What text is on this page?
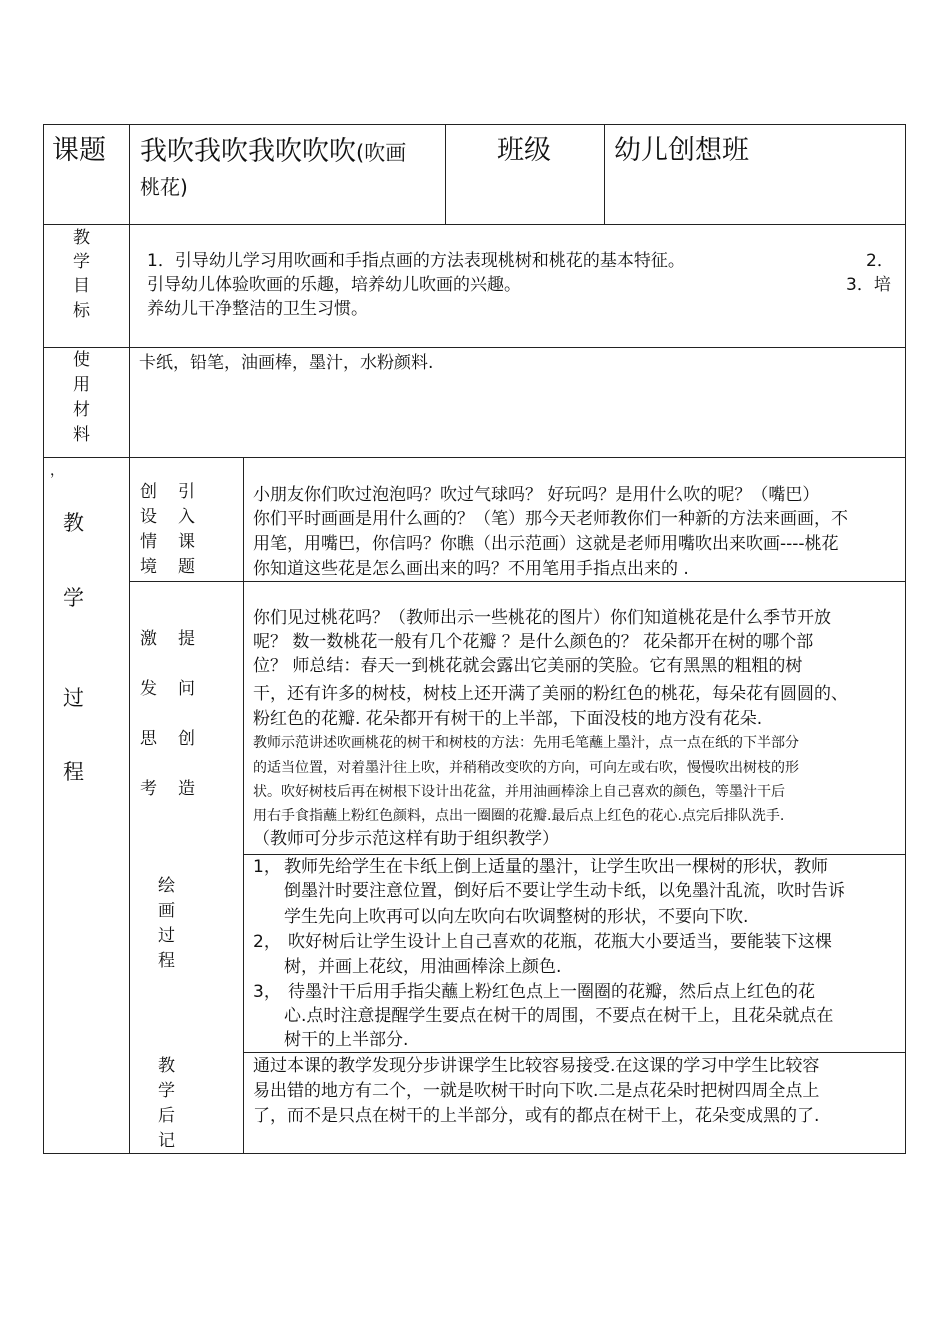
课题 我吹我吹我吹吹吹(吹画
桃花)
班级 幼儿创想班
教
学
目
标
1．引导幼儿学习用吹画和手指点画的方法表现桃树和桃花的基本特征。	2．
引导幼儿体验吹画的乐趣，培养幼儿吹画的兴趣。	3．培
养幼儿干净整洁的卫生习惯。
使
用
材
料
卡纸，铅笔，油画棒，墨汁，水粉颜料.
，
教
学
过
程
创 引
设 入
情 课
境 题
小朋友你们吹过泡泡吗？吹过气球吗？ 好玩吗？是用什么吹的呢？（嘴巴）
你们平时画画是用什么画的？（笔）那今天老师教你们一种新的方法来画画，不
用笔，用嘴巴，你信吗？你瞧（出示范画）这就是老师用嘴吹出来吹画----桃花
你知道这些花是怎么画出来的吗？不用笔用手指点出来的 .
激 提
发 问
思 创
考 造
你们见过桃花吗？（教师出示一些桃花的图片）你们知道桃花是什么季节开放
呢？ 数一数桃花一般有几个花瓣 ？是什么颜色的？ 花朵都开在树的哪个部
位？ 师总结：春天一到桃花就会露出它美丽的笑脸。它有黑黑的粗粗的树
干，还有许多的树枝，树枝上还开满了美丽的粉红色的桃花，每朵花有圆圆的、
粉红色的花瓣. 花朵都开有树干的上半部，下面没枝的地方没有花朵.
教师示范讲述吹画桃花的树干和树枝的方法：先用毛笔蘸上墨汁，点一点在纸的下半部分
的适当位置，对着墨汁往上吹，并稍稍改变吹的方向，可向左或右吹，慢慢吹出树枝的形
状。吹好树枝后再在树根下设计出花盆，并用油画棒涂上自己喜欢的颜色，等墨汁干后
用右手食指蘸上粉红色颜料，点出一圈圈的花瓣.最后点上红色的花心.点完后排队洗手.
（教师可分步示范这样有助于组织教学）
绘
画
过
程
1， 教师先给学生在卡纸上倒上适量的墨汁，让学生吹出一棵树的形状，教师
倒墨汁时要注意位置，倒好后不要让学生动卡纸，以免墨汁乱流，吹时告诉
学生先向上吹再可以向左吹向右吹调整树的形状，不要向下吹.
2， 吹好树后让学生设计上自己喜欢的花瓶，花瓶大小要适当，要能装下这棵
树，并画上花纹，用油画棒涂上颜色.
3， 待墨汁干后用手指尖蘸上粉红色点上一圈圈的花瓣，然后点上红色的花
心.点时注意提醒学生要点在树干的周围，不要点在树干上，且花朵就点在
树干的上半部分.
教
学
后
记
通过本课的教学发现分步讲课学生比较容易接受.在这课的学习中学生比较容
易出错的地方有二个，一就是吹树干时向下吹.二是点花朵时把树四周全点上
了，而不是只点在树干的上半部分，或有的都点在树干上，花朵变成黑的了.
